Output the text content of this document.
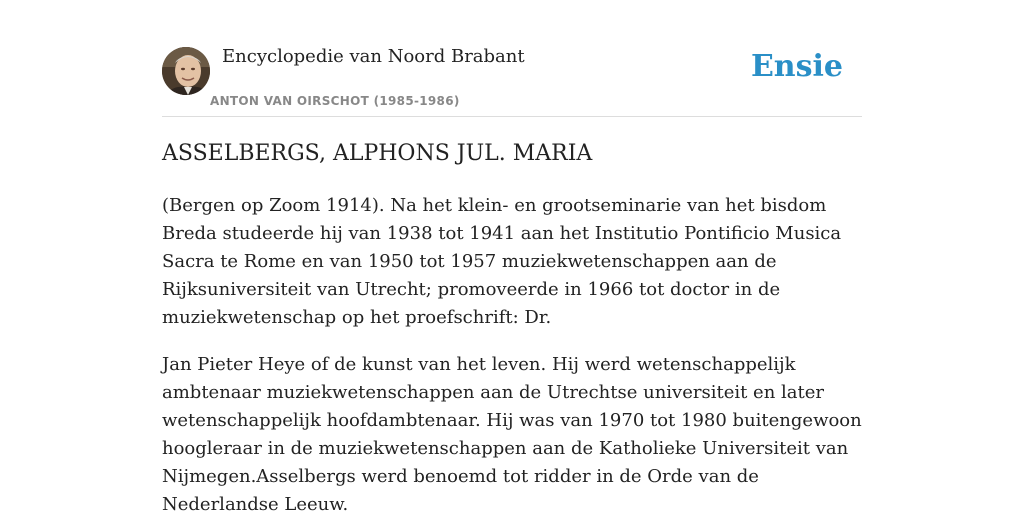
Encyclopedie van Noord Brabant
ANTON VAN OIRSCHOT (1985-1986)
Ensie
ASSELBERGS, ALPHONS JUL. MARIA

(Bergen op Zoom 1914). Na het klein- en grootseminarie van het bisdom Breda studeerde hij van 1938 tot 1941 aan het Institutio Pontificio Musica Sacra te Rome en van 1950 tot 1957 muziekwetenschappen aan de Rijksuniversiteit van Utrecht; promoveerde in 1966 tot doctor in de muziekwetenschap op het proefschrift: Dr.

Jan Pieter Heye of de kunst van het leven. Hij werd wetenschappelijk ambtenaar muziekwetenschappen aan de Utrechtse universiteit en later wetenschappelijk hoofdambtenaar. Hij was van 1970 tot 1980 buitengewoon hoogleraar in de muziekwetenschappen aan de Katholieke Universiteit van Nijmegen.Asselbergs werd benoemd tot ridder in de Orde van de Nederlandse Leeuw.
